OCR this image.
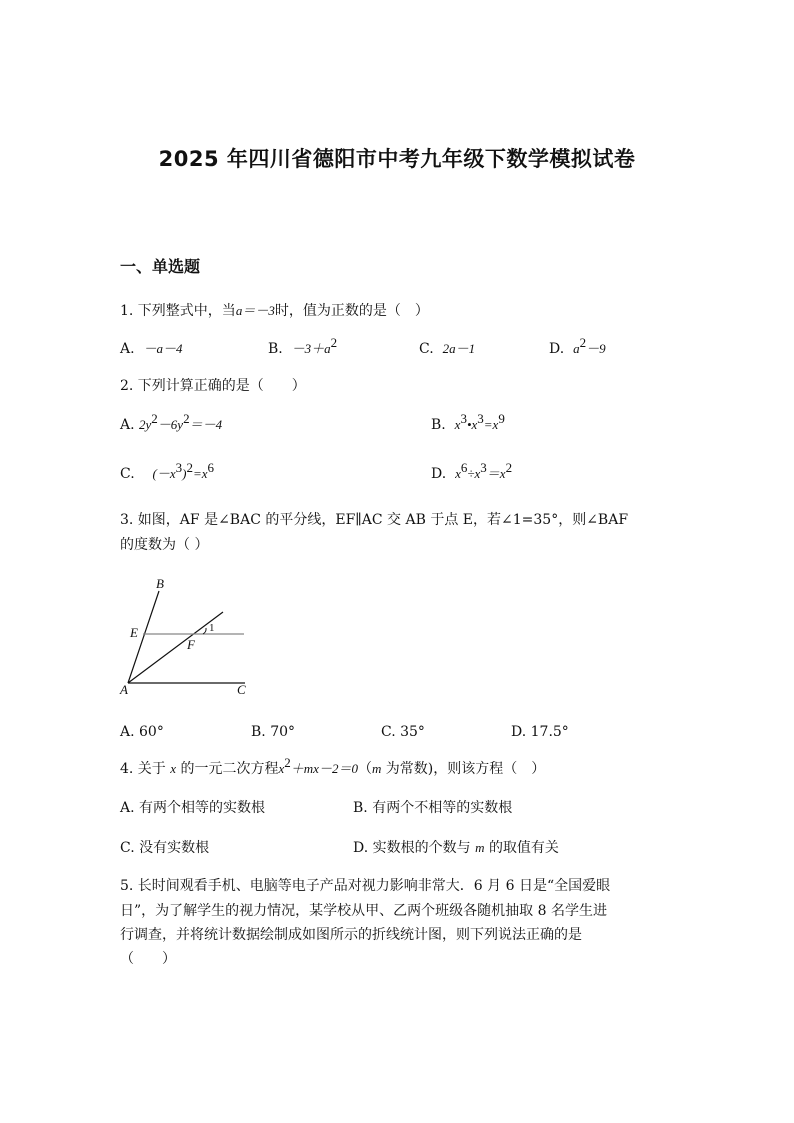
2025 年四川省德阳市中考九年级下数学模拟试卷
一、单选题
1. 下列整式中，当a＝－3时，值为正数的是（　）
A. －a－4	B. $-3+a^2$	C. 2a－1	D. $a^2-9$
2. 下列计算正确的是（　　）
A. $2y^2-6y^2=-4$	B. $x^3•x^3=x^9$
C. $(-x^3)^2=x^6$	D. $x^6\div x^3=x^2$
3. 如图，AF 是∠BAC 的平分线，EF∥AC 交 AB 于点 E，若∠1=35°，则∠BAF
的度数为（ ）
B
E
F
A	C
1
A. 60°	B. 70°	C. 35°	D. 17.5°
4. 关于 x 的一元二次方程$x^2+mx-2=0(m$ 为常数)，则该方程（　）
A. 有两个相等的实数根	B. 有两个不相等的实数根
C. 没有实数根	D. 实数根的个数与 m 的取值有关
5. 长时间观看手机、电脑等电子产品对视力影响非常大．6 月 6 日是“全国爱眼
日”，为了解学生的视力情况，某学校从甲、乙两个班级各随机抽取 8 名学生进
行调查，并将统计数据绘制成如图所示的折线统计图，则下列说法正确的是
（　　）
